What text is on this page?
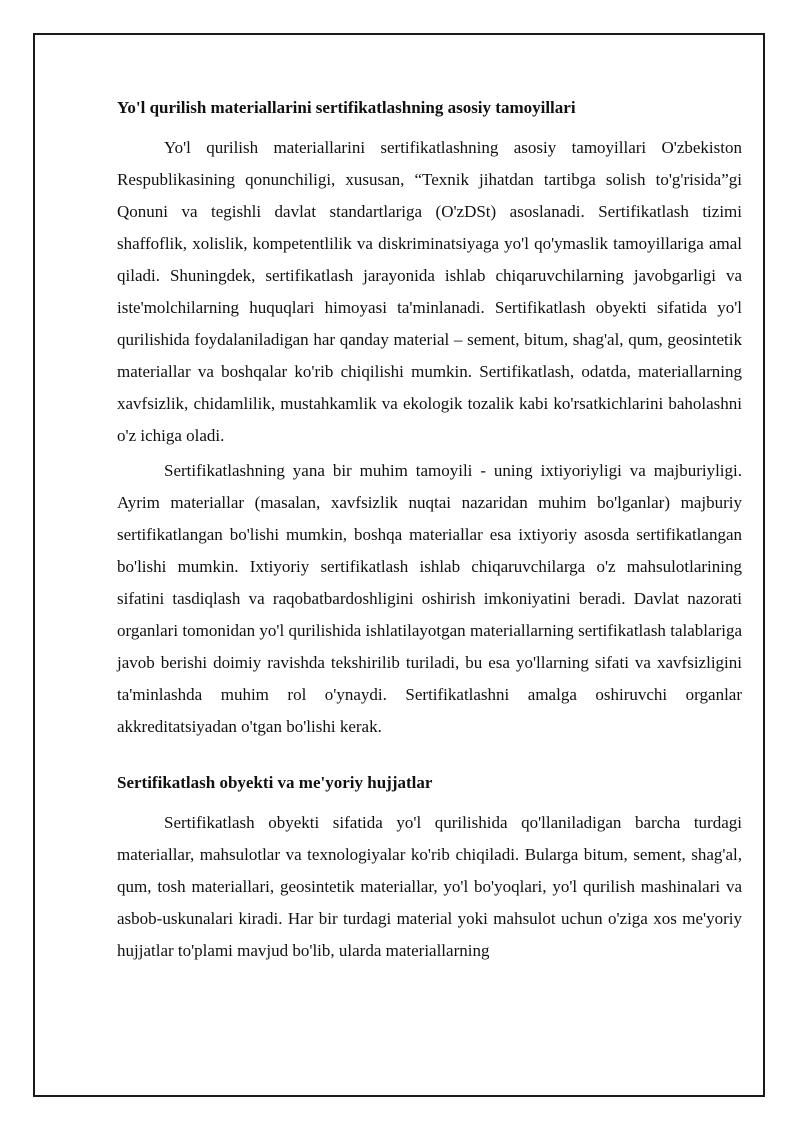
Yo'l qurilish materiallarini sertifikatlashning asosiy tamoyillari

Yo'l qurilish materiallarini sertifikatlashning asosiy tamoyillari O'zbekiston Respublikasining qonunchiligi, xususan, “Texnik jihatdan tartibga solish to'g'risida”gi Qonuni va tegishli davlat standartlariga (O'zDSt) asoslanadi. Sertifikatlash tizimi shaffoflik, xolislik, kompetentlilik va diskriminatsiyaga yo'l qo'ymaslik tamoyillariga amal qiladi. Shuningdek, sertifikatlash jarayonida ishlab chiqaruvchilarning javobgarligi va iste'molchilarning huquqlari himoyasi ta'minlanadi. Sertifikatlash obyekti sifatida yo'l qurilishida foydalaniladigan har qanday material – sement, bitum, shag'al, qum, geosintetik materiallar va boshqalar ko'rib chiqilishi mumkin. Sertifikatlash, odatda, materiallarning xavfsizlik, chidamlilik, mustahkamlik va ekologik tozalik kabi ko'rsatkichlarini baholashni o'z ichiga oladi.

Sertifikatlashning yana bir muhim tamoyili - uning ixtiyoriyligi va majburiyligi. Ayrim materiallar (masalan, xavfsizlik nuqtai nazaridan muhim bo'lganlar) majburiy sertifikatlangan bo'lishi mumkin, boshqa materiallar esa ixtiyoriy asosda sertifikatlangan bo'lishi mumkin. Ixtiyoriy sertifikatlash ishlab chiqaruvchilarga o'z mahsulotlarining sifatini tasdiqlash va raqobatbardoshligini oshirish imkoniyatini beradi. Davlat nazorati organlari tomonidan yo'l qurilishida ishlatilayotgan materiallarning sertifikatlash talablariga javob berishi doimiy ravishda tekshirilib turiladi, bu esa yo'llarning sifati va xavfsizligini ta'minlashda muhim rol o'ynaydi. Sertifikatlashni amalga oshiruvchi organlar akkreditatsiyadan o'tgan bo'lishi kerak.

Sertifikatlash obyekti va me'yoriy hujjatlar

Sertifikatlash obyekti sifatida yo'l qurilishida qo'llaniladigan barcha turdagi materiallar, mahsulotlar va texnologiyalar ko'rib chiqiladi. Bularga bitum, sement, shag'al, qum, tosh materiallari, geosintetik materiallar, yo'l bo'yoqlari, yo'l qurilish mashinalari va asbob-uskunalari kiradi. Har bir turdagi material yoki mahsulot uchun o'ziga xos me'yoriy hujjatlar to'plami mavjud bo'lib, ularda materiallarning
